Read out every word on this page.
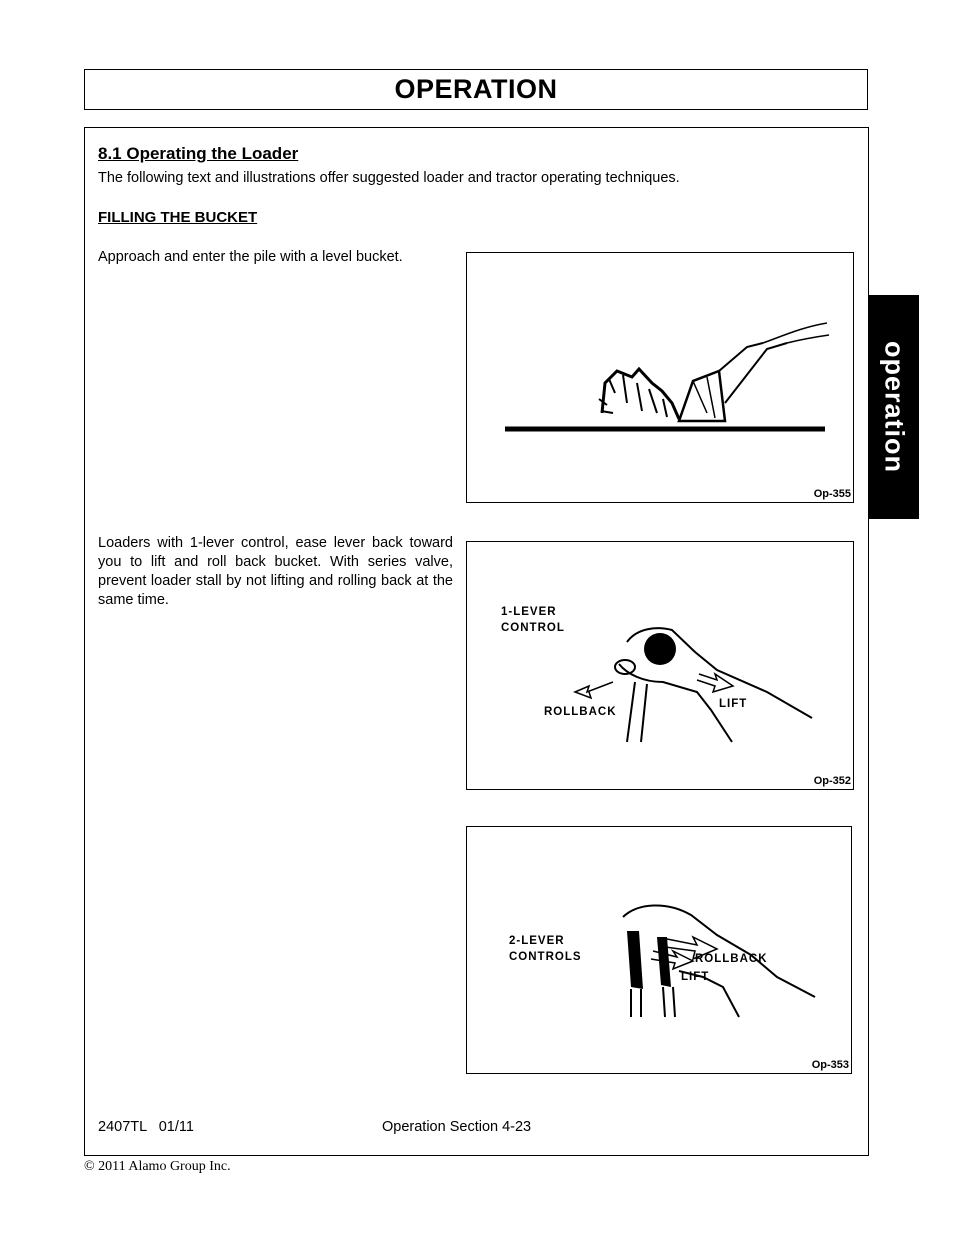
OPERATION
operation
8.1 Operating the Loader
The following text and illustrations offer suggested loader and tractor operating techniques.
FILLING THE BUCKET
Approach and enter the pile with a level bucket.
Loaders with 1-lever control, ease lever back toward you to lift and roll back bucket. With series valve, prevent loader stall by not lifting and rolling back at the same time.
Op-355
1-LEVER
CONTROL
ROLLBACK
LIFT
Op-352
2-LEVER
CONTROLS	ROLLBACK
LIFT
Op-353
2407TL   01/11	Operation Section 4-23
© 2011 Alamo Group Inc.
